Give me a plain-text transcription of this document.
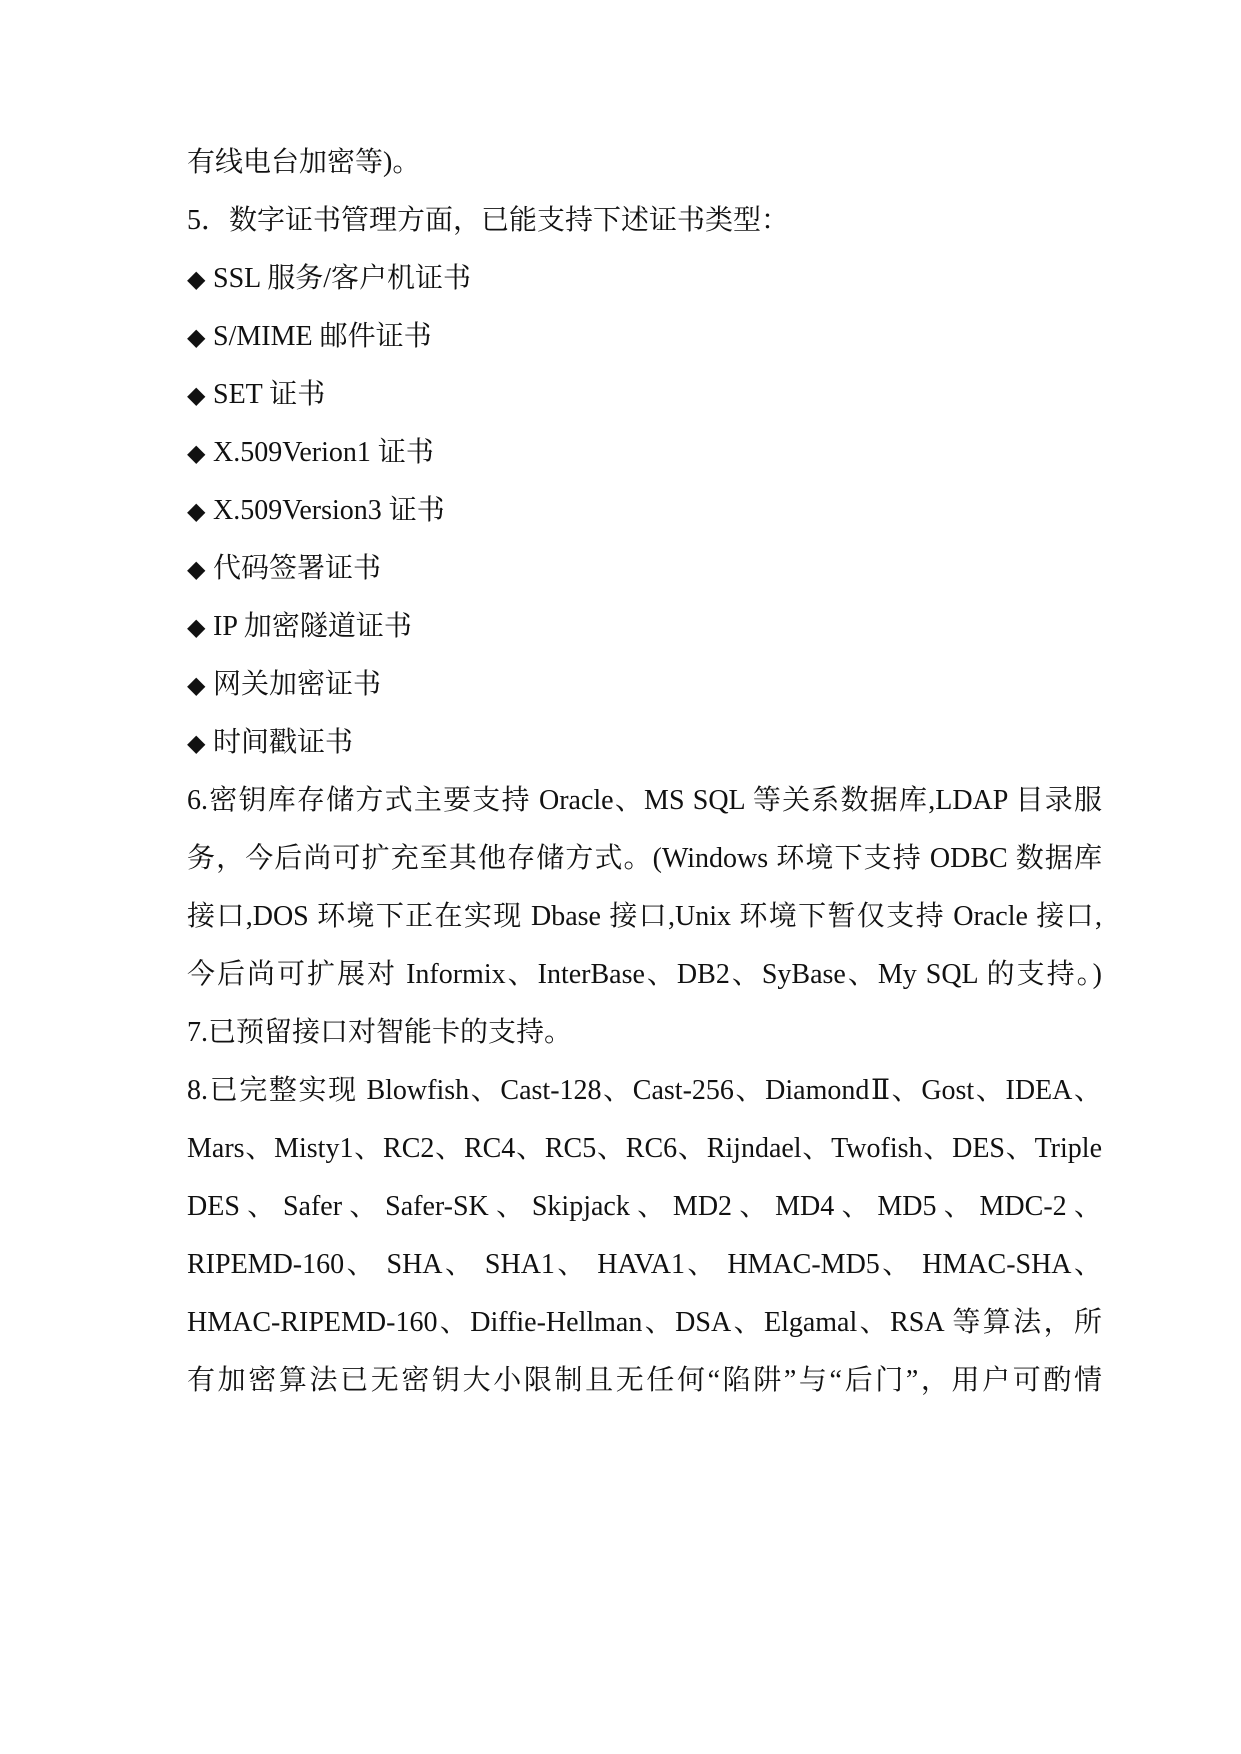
有线电台加密等)。
5．数字证书管理方面，已能支持下述证书类型：
◆ SSL 服务/客户机证书
◆ S/MIME 邮件证书
◆ SET 证书
◆ X.509Verion1 证书
◆ X.509Version3 证书
◆ 代码签署证书
◆ IP 加密隧道证书
◆ 网关加密证书
◆ 时间戳证书
6.密钥库存储方式主要支持 Oracle、MS SQL 等关系数据库,LDAP 目录服
务，今后尚可扩充至其他存储方式。(Windows 环境下支持 ODBC 数据库
接口,DOS 环境下正在实现 Dbase 接口,Unix 环境下暂仅支持 Oracle 接口,
今后尚可扩展对 Informix、InterBase、DB2、SyBase、My SQL 的支持。)
7.已预留接口对智能卡的支持。
8.已完整实现 Blowfish、Cast-128、Cast-256、DiamondⅡ、Gost、IDEA、
Mars、Misty1、RC2、RC4、RC5、RC6、Rijndael、Twofish、DES、Triple
DES 、 Safer 、 Safer-SK 、 Skipjack 、 MD2 、 MD4 、 MD5 、 MDC-2 、
RIPEMD-160、 SHA、 SHA1、 HAVA1、 HMAC-MD5、 HMAC-SHA、
HMAC-RIPEMD-160、Diffie-Hellman、DSA、Elgamal、RSA 等算法，所
有加密算法已无密钥大小限制且无任何“陷阱”与“后门”，用户可酌情
